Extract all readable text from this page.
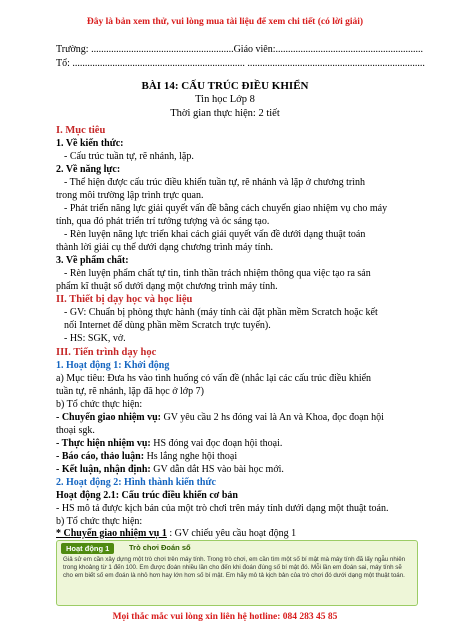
Đây là bản xem thử, vui lòng mua tài liệu để xem chi tiết (có lời giải)
Trường: .........................................................Giáo viên:...........................................................
Tổ: ..................................................................... .......................................................................
BÀI 14: CẤU TRÚC ĐIỀU KHIỂN
Tin học Lớp 8
Thời gian thực hiện: 2 tiết
I. Mục tiêu
1. Về kiến thức:
- Cấu trúc tuần tự, rẽ nhánh, lặp.
2. Về năng lực:
- Thể hiện được cấu trúc điều khiển tuần tự, rẽ nhánh và lặp ở chương trình
trong môi trường lập trình trực quan.
- Phát triển năng lực giải quyết vấn đề bằng cách chuyển giao nhiệm vụ cho máy
tính, qua đó phát triển trí tưởng tượng và óc sáng tạo.
- Rèn luyện năng lực triển khai cách giải quyết vấn đề dưới dạng thuật toán
thành lời giải cụ thể dưới dạng chương trình máy tính.
3. Về phẩm chất:
- Rèn luyện phẩm chất tự tin, tinh thần trách nhiệm thông qua việc tạo ra sản
phẩm kĩ thuật số dưới dạng một chương trình máy tính.
II. Thiết bị dạy học và học liệu
- GV: Chuẩn bị phòng thực hành (máy tính cài đặt phần mềm Scratch hoặc kết
nối Internet để dùng phần mềm Scratch trực tuyến).
- HS: SGK, vở.
III. Tiến trình dạy học
1. Hoạt động 1: Khởi động
a) Mục tiêu: Đưa hs vào tình huống có vấn đề (nhắc lại các cấu trúc điều khiển
tuần tự, rẽ nhánh, lặp đã học ở lớp 7)
b) Tổ chức thực hiện:
- Chuyển giao nhiệm vụ: GV yêu cầu 2 hs đóng vai là An và Khoa, đọc đoạn hội
thoại sgk.
- Thực hiện nhiệm vụ: HS đóng vai đọc đoạn hội thoại.
- Báo cáo, thảo luận: Hs lắng nghe hội thoại
- Kết luận, nhận định: GV dẫn dắt HS vào bài học mới.
2. Hoạt động 2: Hình thành kiến thức
Hoạt động 2.1: Cấu trúc điều khiển cơ bản
- HS mô tả được kịch bản của một trò chơi trên máy tính dưới dạng một thuật toán.
b) Tổ chức thực hiện:
* Chuyển giao nhiệm vụ 1 : GV chiếu yêu cầu hoạt động 1
Hoạt động 1	Trò chơi Đoán số
Giả sử em cần xây dựng một trò chơi trên máy tính. Trong trò chơi, em cần tìm một số bí mật mà máy tính đã lấy ngẫu nhiên trong khoảng từ 1 đến 100. Em được đoán nhiều lần cho đến khi đoán đúng số bí mật đó. Mỗi lần em đoán sai, máy tính sẽ cho em biết số em đoán là nhỏ hơn hay lớn hơn số bí mật. Em hãy mô tả kịch bản của trò chơi đó dưới dạng một thuật toán.
Mọi thắc mắc vui lòng xin liên hệ hotline: 084 283 45 85
